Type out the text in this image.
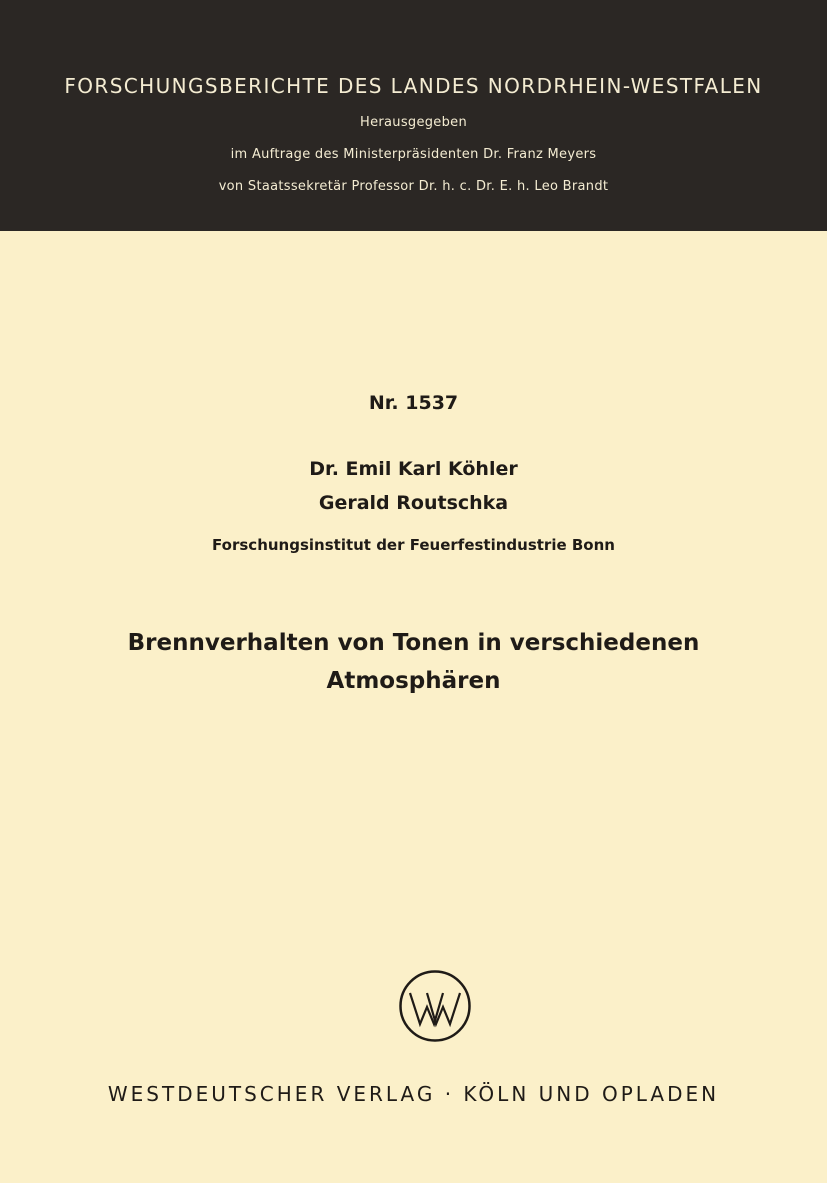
FORSCHUNGSBERICHTE DES LANDES NORDRHEIN-WESTFALEN
Herausgegeben
im Auftrage des Ministerpräsidenten Dr. Franz Meyers
von Staatssekretär Professor Dr. h. c. Dr. E. h. Leo Brandt
Nr. 1537
Dr. Emil Karl Köhler
Gerald Routschka
Forschungsinstitut der Feuerfestindustrie Bonn
Brennverhalten von Tonen in verschiedenen
Atmosphären
WESTDEUTSCHER VERLAG · KÖLN UND OPLADEN
